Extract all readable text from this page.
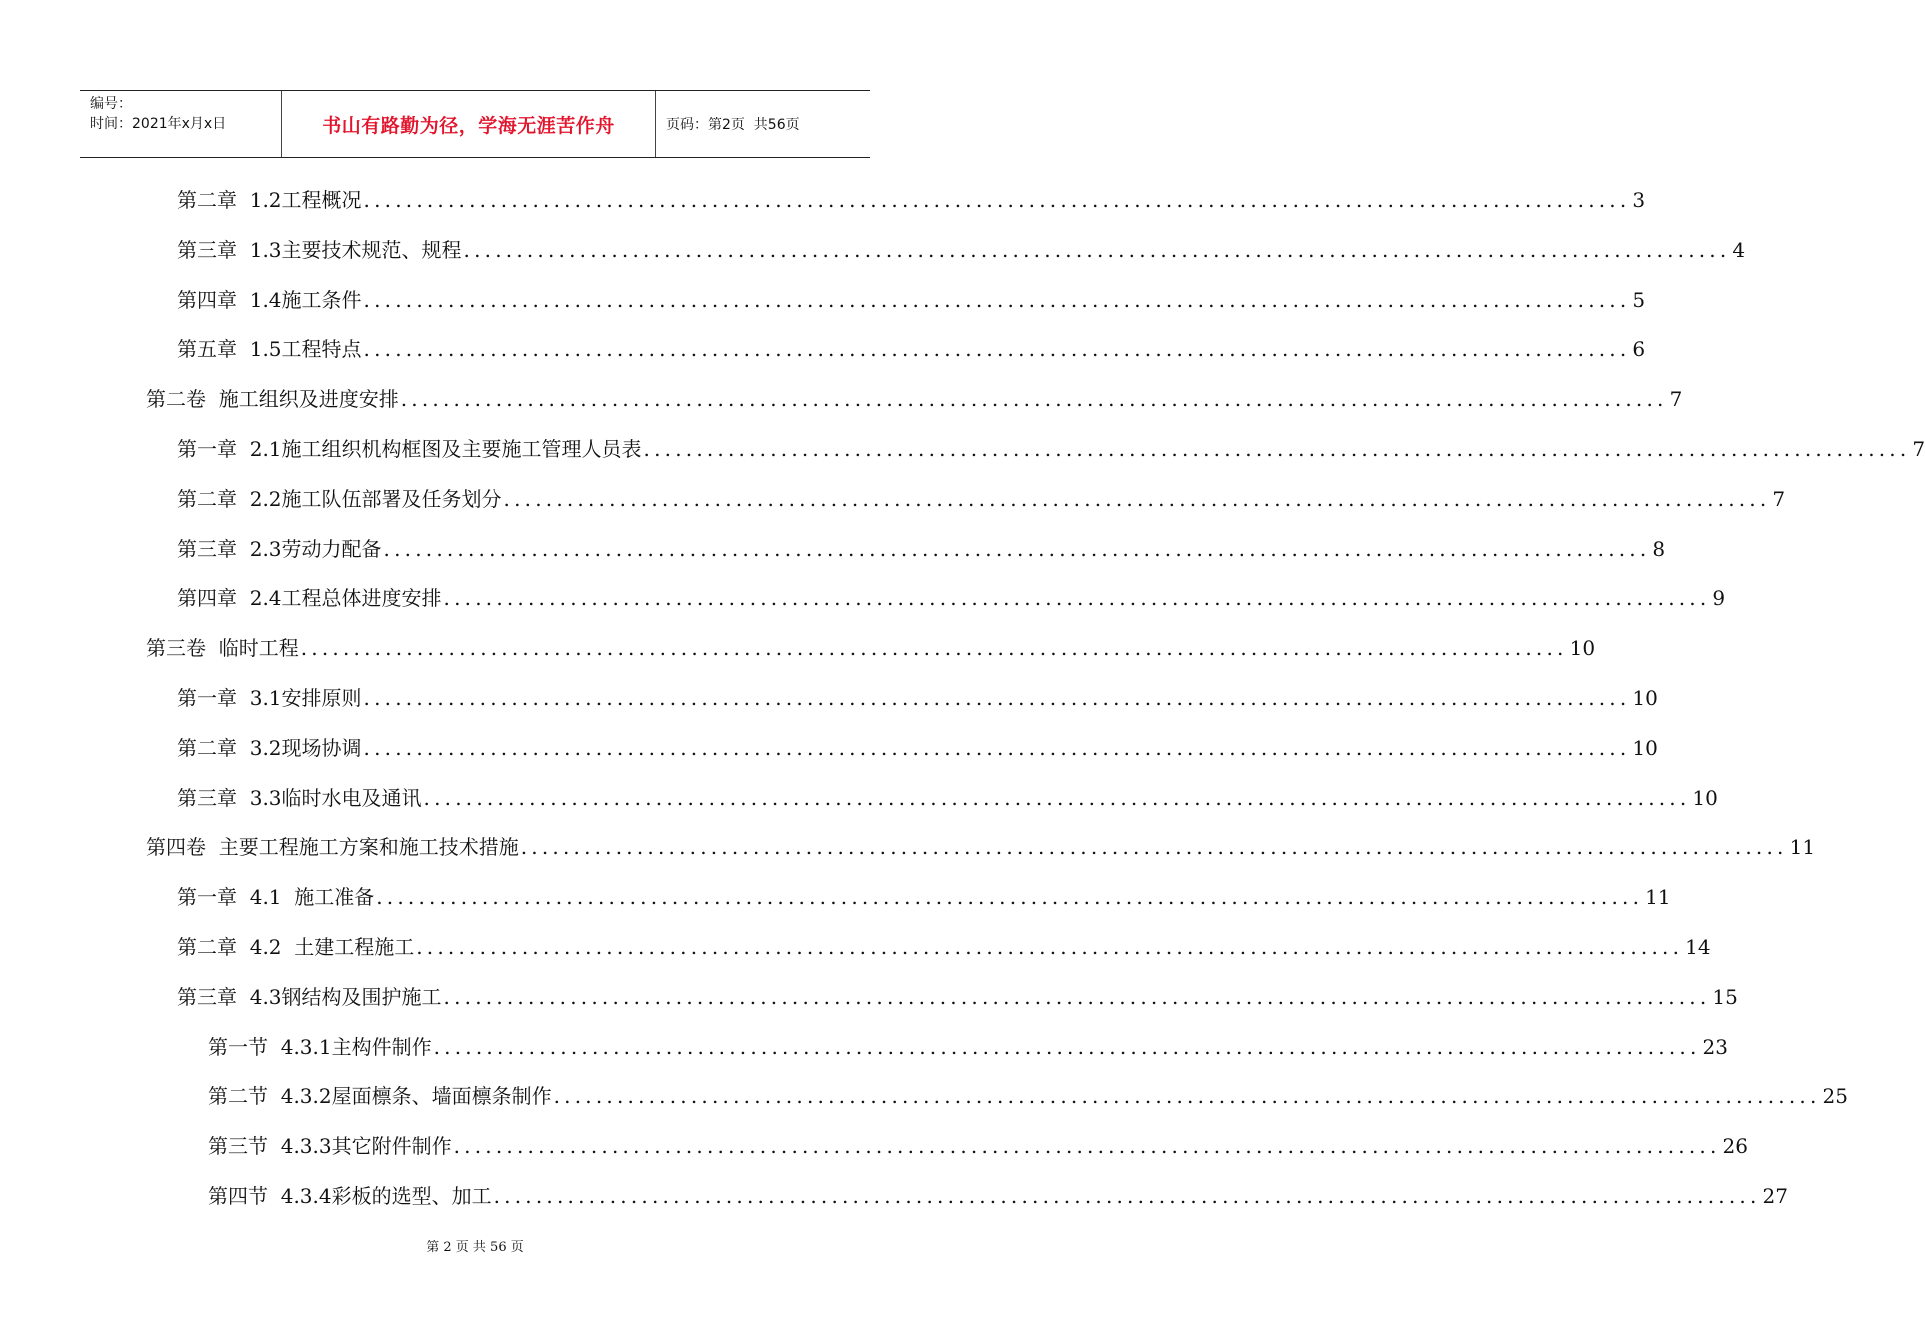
编号：
时间：2021年x月x日	书山有路勤为径，学海无涯苦作舟	页码：第2页  共56页
第二章  1.2工程概况 ........................................................................................................................ 3
第三章  1.3主要技术规范、规程 ........................................................................................................................ 4
第四章  1.4施工条件 ........................................................................................................................ 5
第五章  1.5工程特点 ........................................................................................................................ 6
第二卷  施工组织及进度安排 ........................................................................................................................ 7
第一章  2.1施工组织机构框图及主要施工管理人员表 ........................................................................................................................ 7
第二章  2.2施工队伍部署及任务划分 ........................................................................................................................ 7
第三章  2.3劳动力配备 ........................................................................................................................ 8
第四章  2.4工程总体进度安排 ........................................................................................................................ 9
第三卷  临时工程 ........................................................................................................................ 10
第一章  3.1安排原则 ........................................................................................................................ 10
第二章  3.2现场协调 ........................................................................................................................ 10
第三章  3.3临时水电及通讯 ........................................................................................................................ 10
第四卷  主要工程施工方案和施工技术措施 ........................................................................................................................ 11
第一章  4.1  施工准备 ........................................................................................................................ 11
第二章  4.2  土建工程施工 ........................................................................................................................ 14
第三章  4.3钢结构及围护施工 ........................................................................................................................ 15
第一节  4.3.1主构件制作 ........................................................................................................................ 23
第二节  4.3.2屋面檩条、墙面檩条制作 ........................................................................................................................ 25
第三节  4.3.3其它附件制作 ........................................................................................................................ 26
第四节  4.3.4彩板的选型、加工 ........................................................................................................................ 27
第 2 页 共 56 页
